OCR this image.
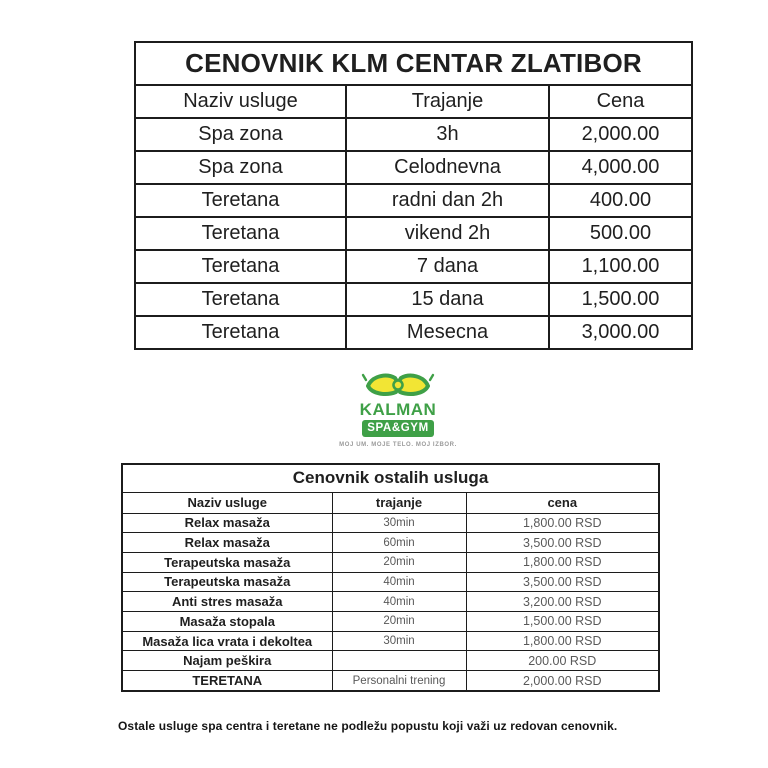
CENOVNIK KLM CENTAR ZLATIBOR		
Naziv usluge	Trajanje	Cena
Spa zona	3h	2,000.00
Spa zona	Celodnevna	4,000.00
Teretana	radni dan 2h	400.00
Teretana	vikend 2h	500.00
Teretana	7 dana	1,100.00
Teretana	15 dana	1,500.00
Teretana	Mesecna	3,000.00
KALMAN
SPA&GYM
MOJ UM. MOJE TELO. MOJ IZBOR.
Cenovnik ostalih usluga		
Naziv usluge	trajanje	cena
Relax masaža	30min	1,800.00 RSD
Relax masaža	60min	3,500.00 RSD
Terapeutska masaža	20min	1,800.00 RSD
Terapeutska masaža	40min	3,500.00 RSD
Anti stres masaža	40min	3,200.00 RSD
Masaža stopala	20min	1,500.00 RSD
Masaža lica vrata i dekoltea	30min	1,800.00 RSD
Najam peškira		200.00 RSD
TERETANA	Personalni trening	2,000.00 RSD
Ostale usluge spa centra i teretane ne podležu popustu koji važi uz redovan cenovnik.
